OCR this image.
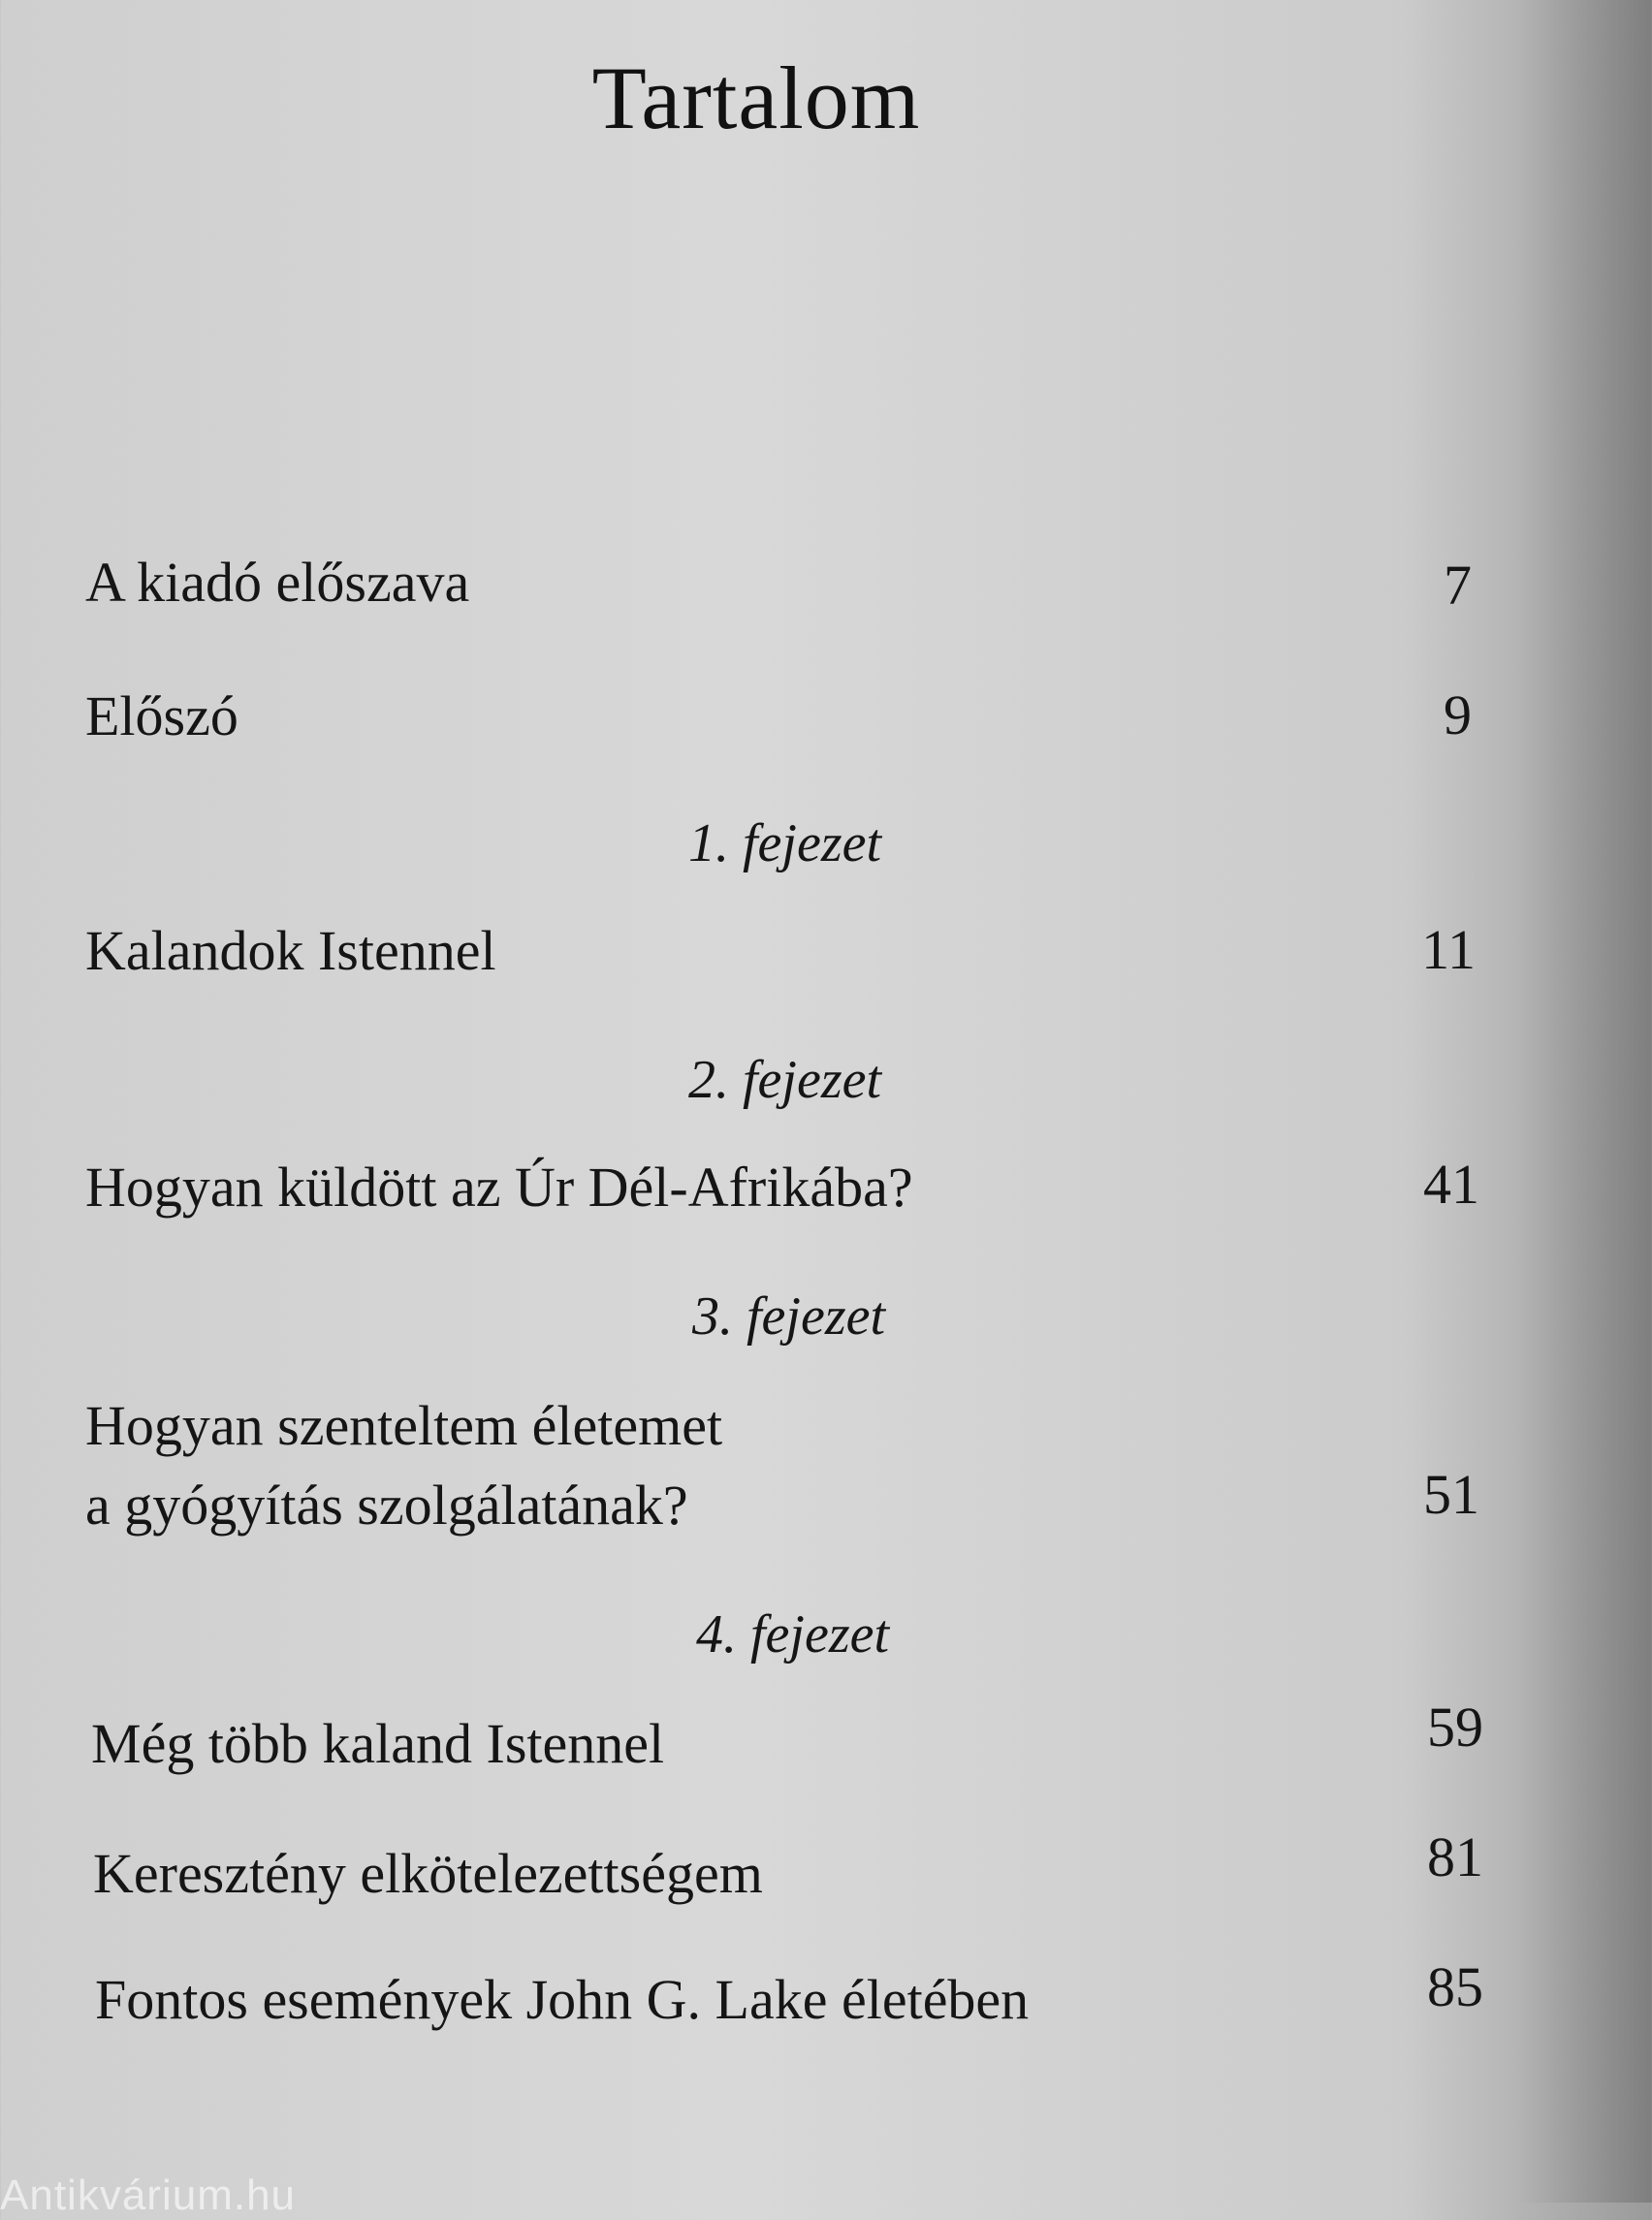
Tartalom
A kiadó előszava	7
Előszó	9
1. fejezet
Kalandok Istennel	11
2. fejezet
Hogyan küldött az Úr Dél-Afrikába?	41
3. fejezet
Hogyan szenteltem életemet
a gyógyítás szolgálatának?	51
4. fejezet
Még több kaland Istennel	59
Keresztény elkötelezettségem	81
Fontos események John G. Lake életében	85
Antikvárium.hu
